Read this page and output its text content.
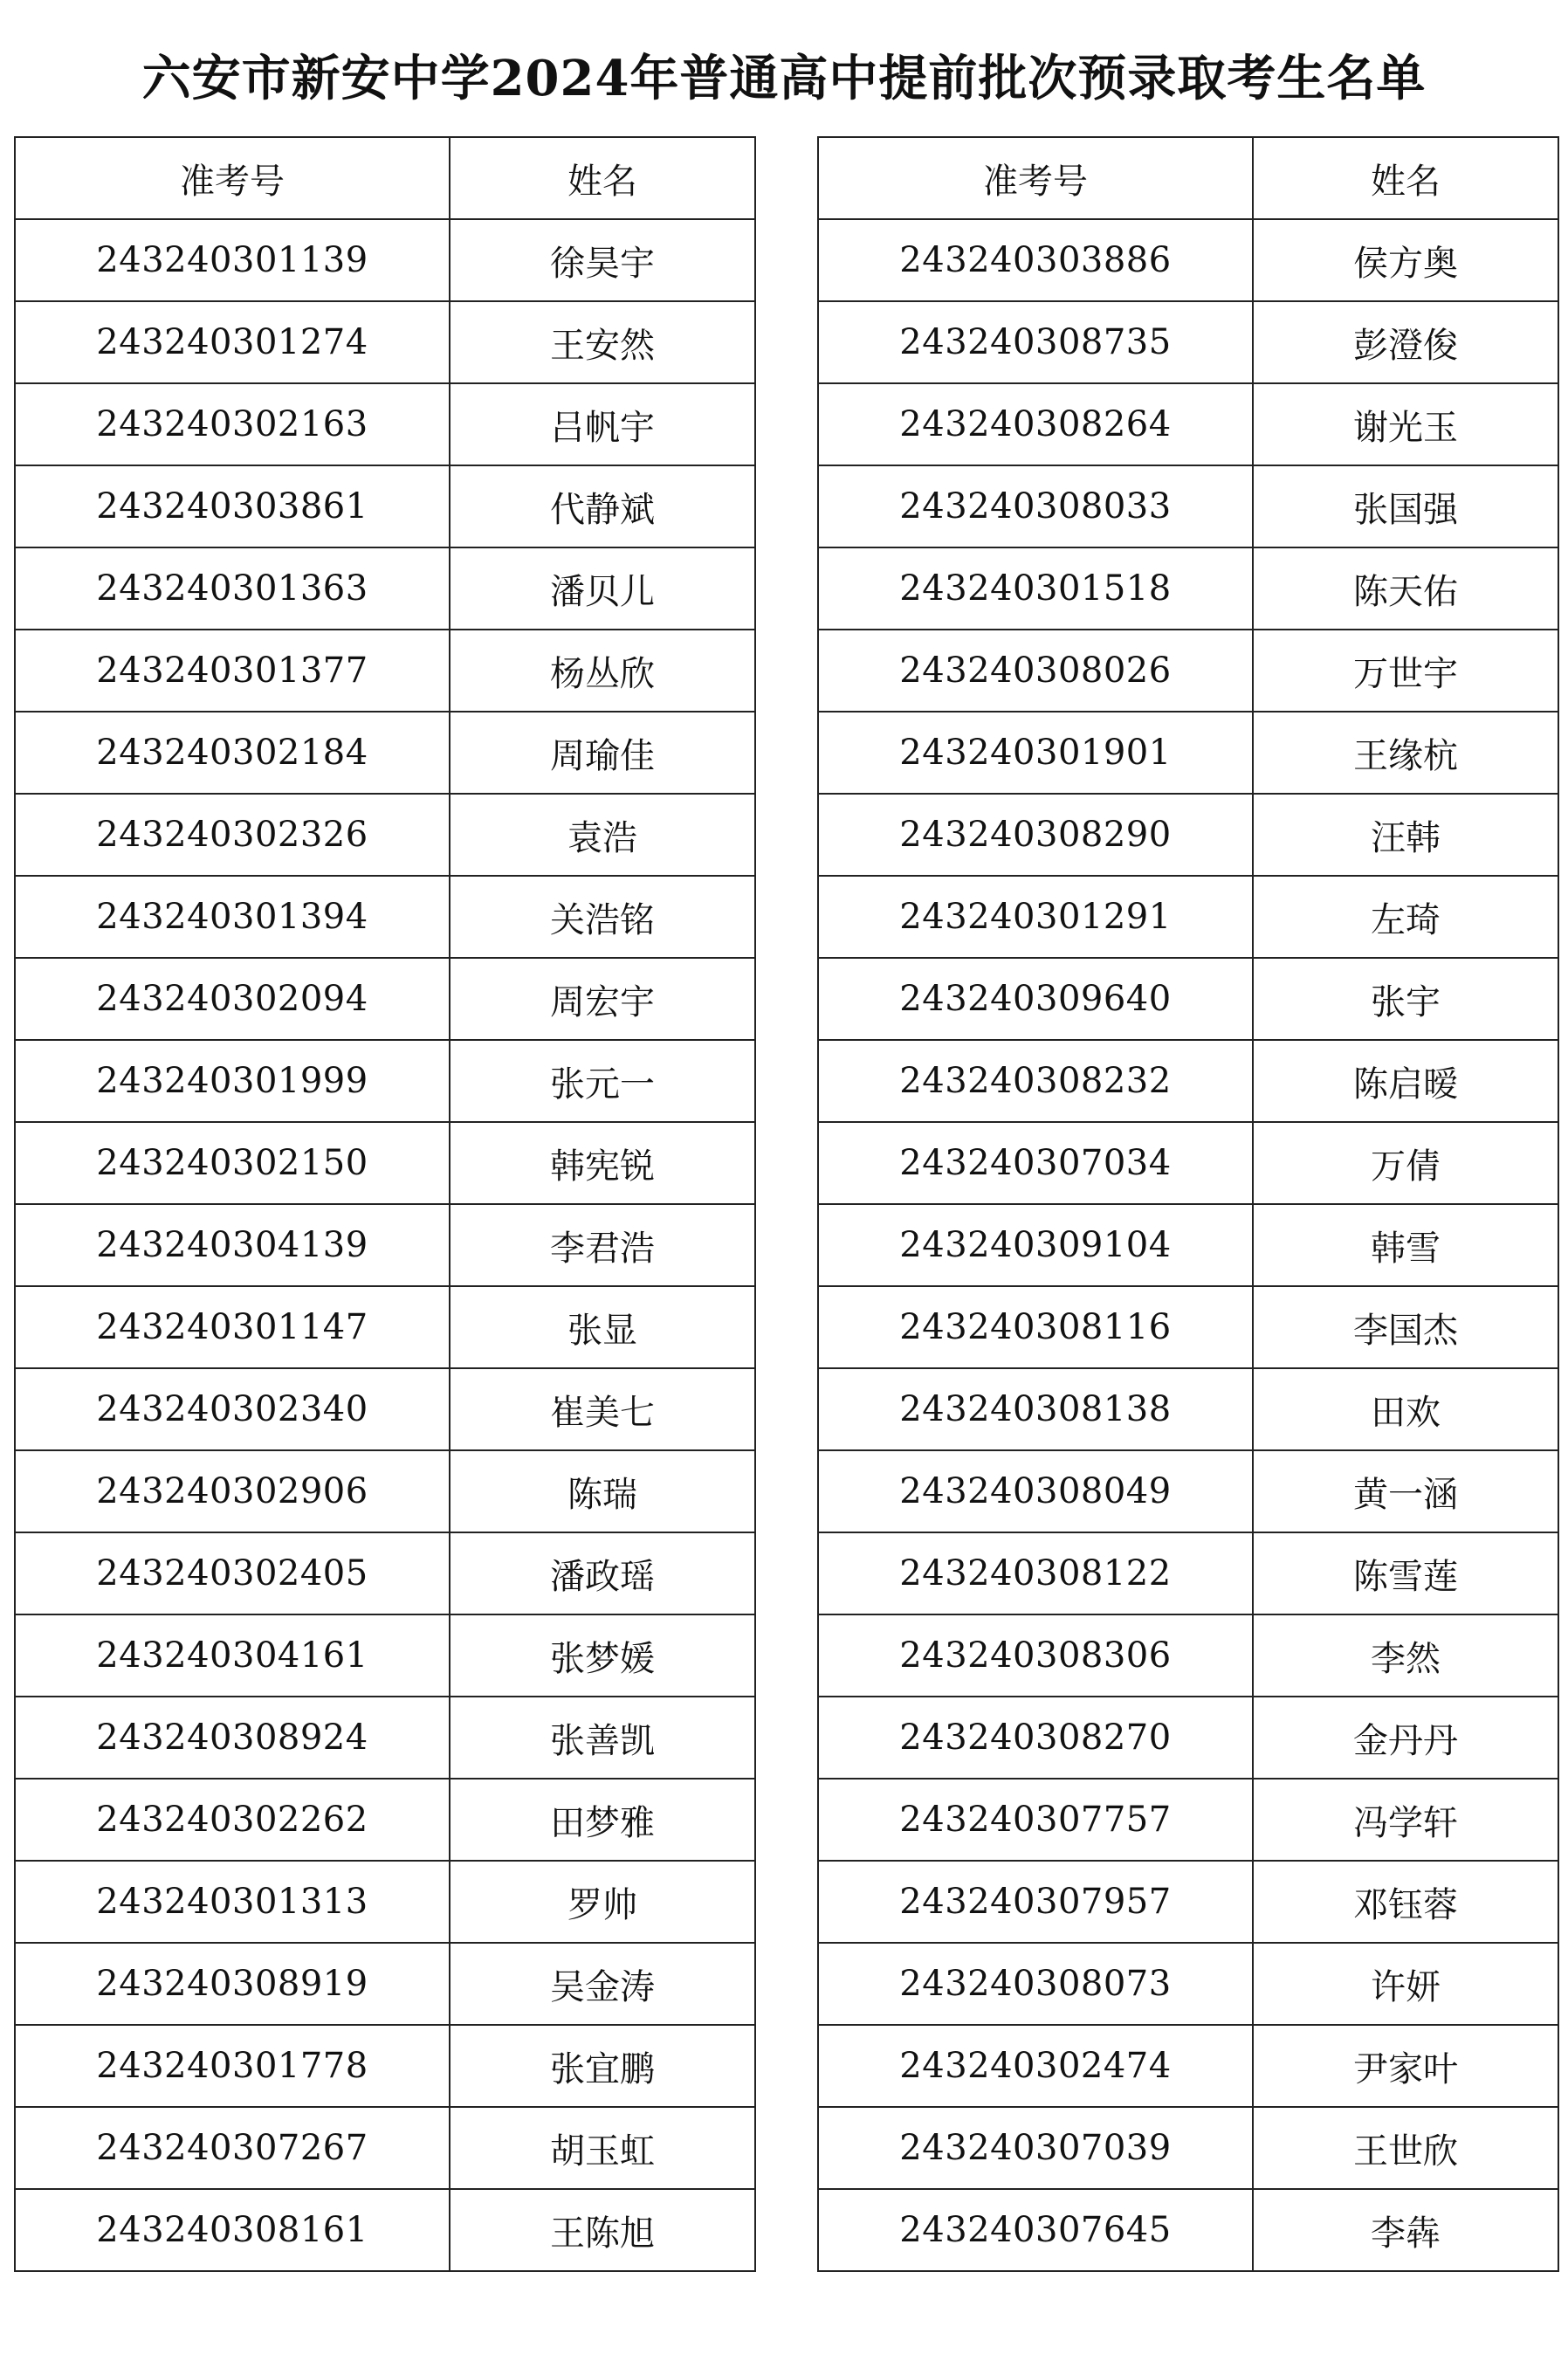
六安市新安中学2024年普通高中提前批次预录取考生名单
准考号	姓名
243240301139	徐昊宇
243240301274	王安然
243240302163	吕帆宇
243240303861	代静斌
243240301363	潘贝儿
243240301377	杨丛欣
243240302184	周瑜佳
243240302326	袁浩
243240301394	关浩铭
243240302094	周宏宇
243240301999	张元一
243240302150	韩宪锐
243240304139	李君浩
243240301147	张显
243240302340	崔美七
243240302906	陈瑞
243240302405	潘政瑶
243240304161	张梦媛
243240308924	张善凯
243240302262	田梦雅
243240301313	罗帅
243240308919	吴金涛
243240301778	张宜鹏
243240307267	胡玉虹
243240308161	王陈旭
准考号	姓名
243240303886	侯方奥
243240308735	彭澄俊
243240308264	谢光玉
243240308033	张国强
243240301518	陈天佑
243240308026	万世宇
243240301901	王缘杭
243240308290	汪韩
243240301291	左琦
243240309640	张宇
243240308232	陈启暧
243240307034	万倩
243240309104	韩雪
243240308116	李国杰
243240308138	田欢
243240308049	黄一涵
243240308122	陈雪莲
243240308306	李然
243240308270	金丹丹
243240307757	冯学轩
243240307957	邓钰蓉
243240308073	许妍
243240302474	尹家叶
243240307039	王世欣
243240307645	李犇
